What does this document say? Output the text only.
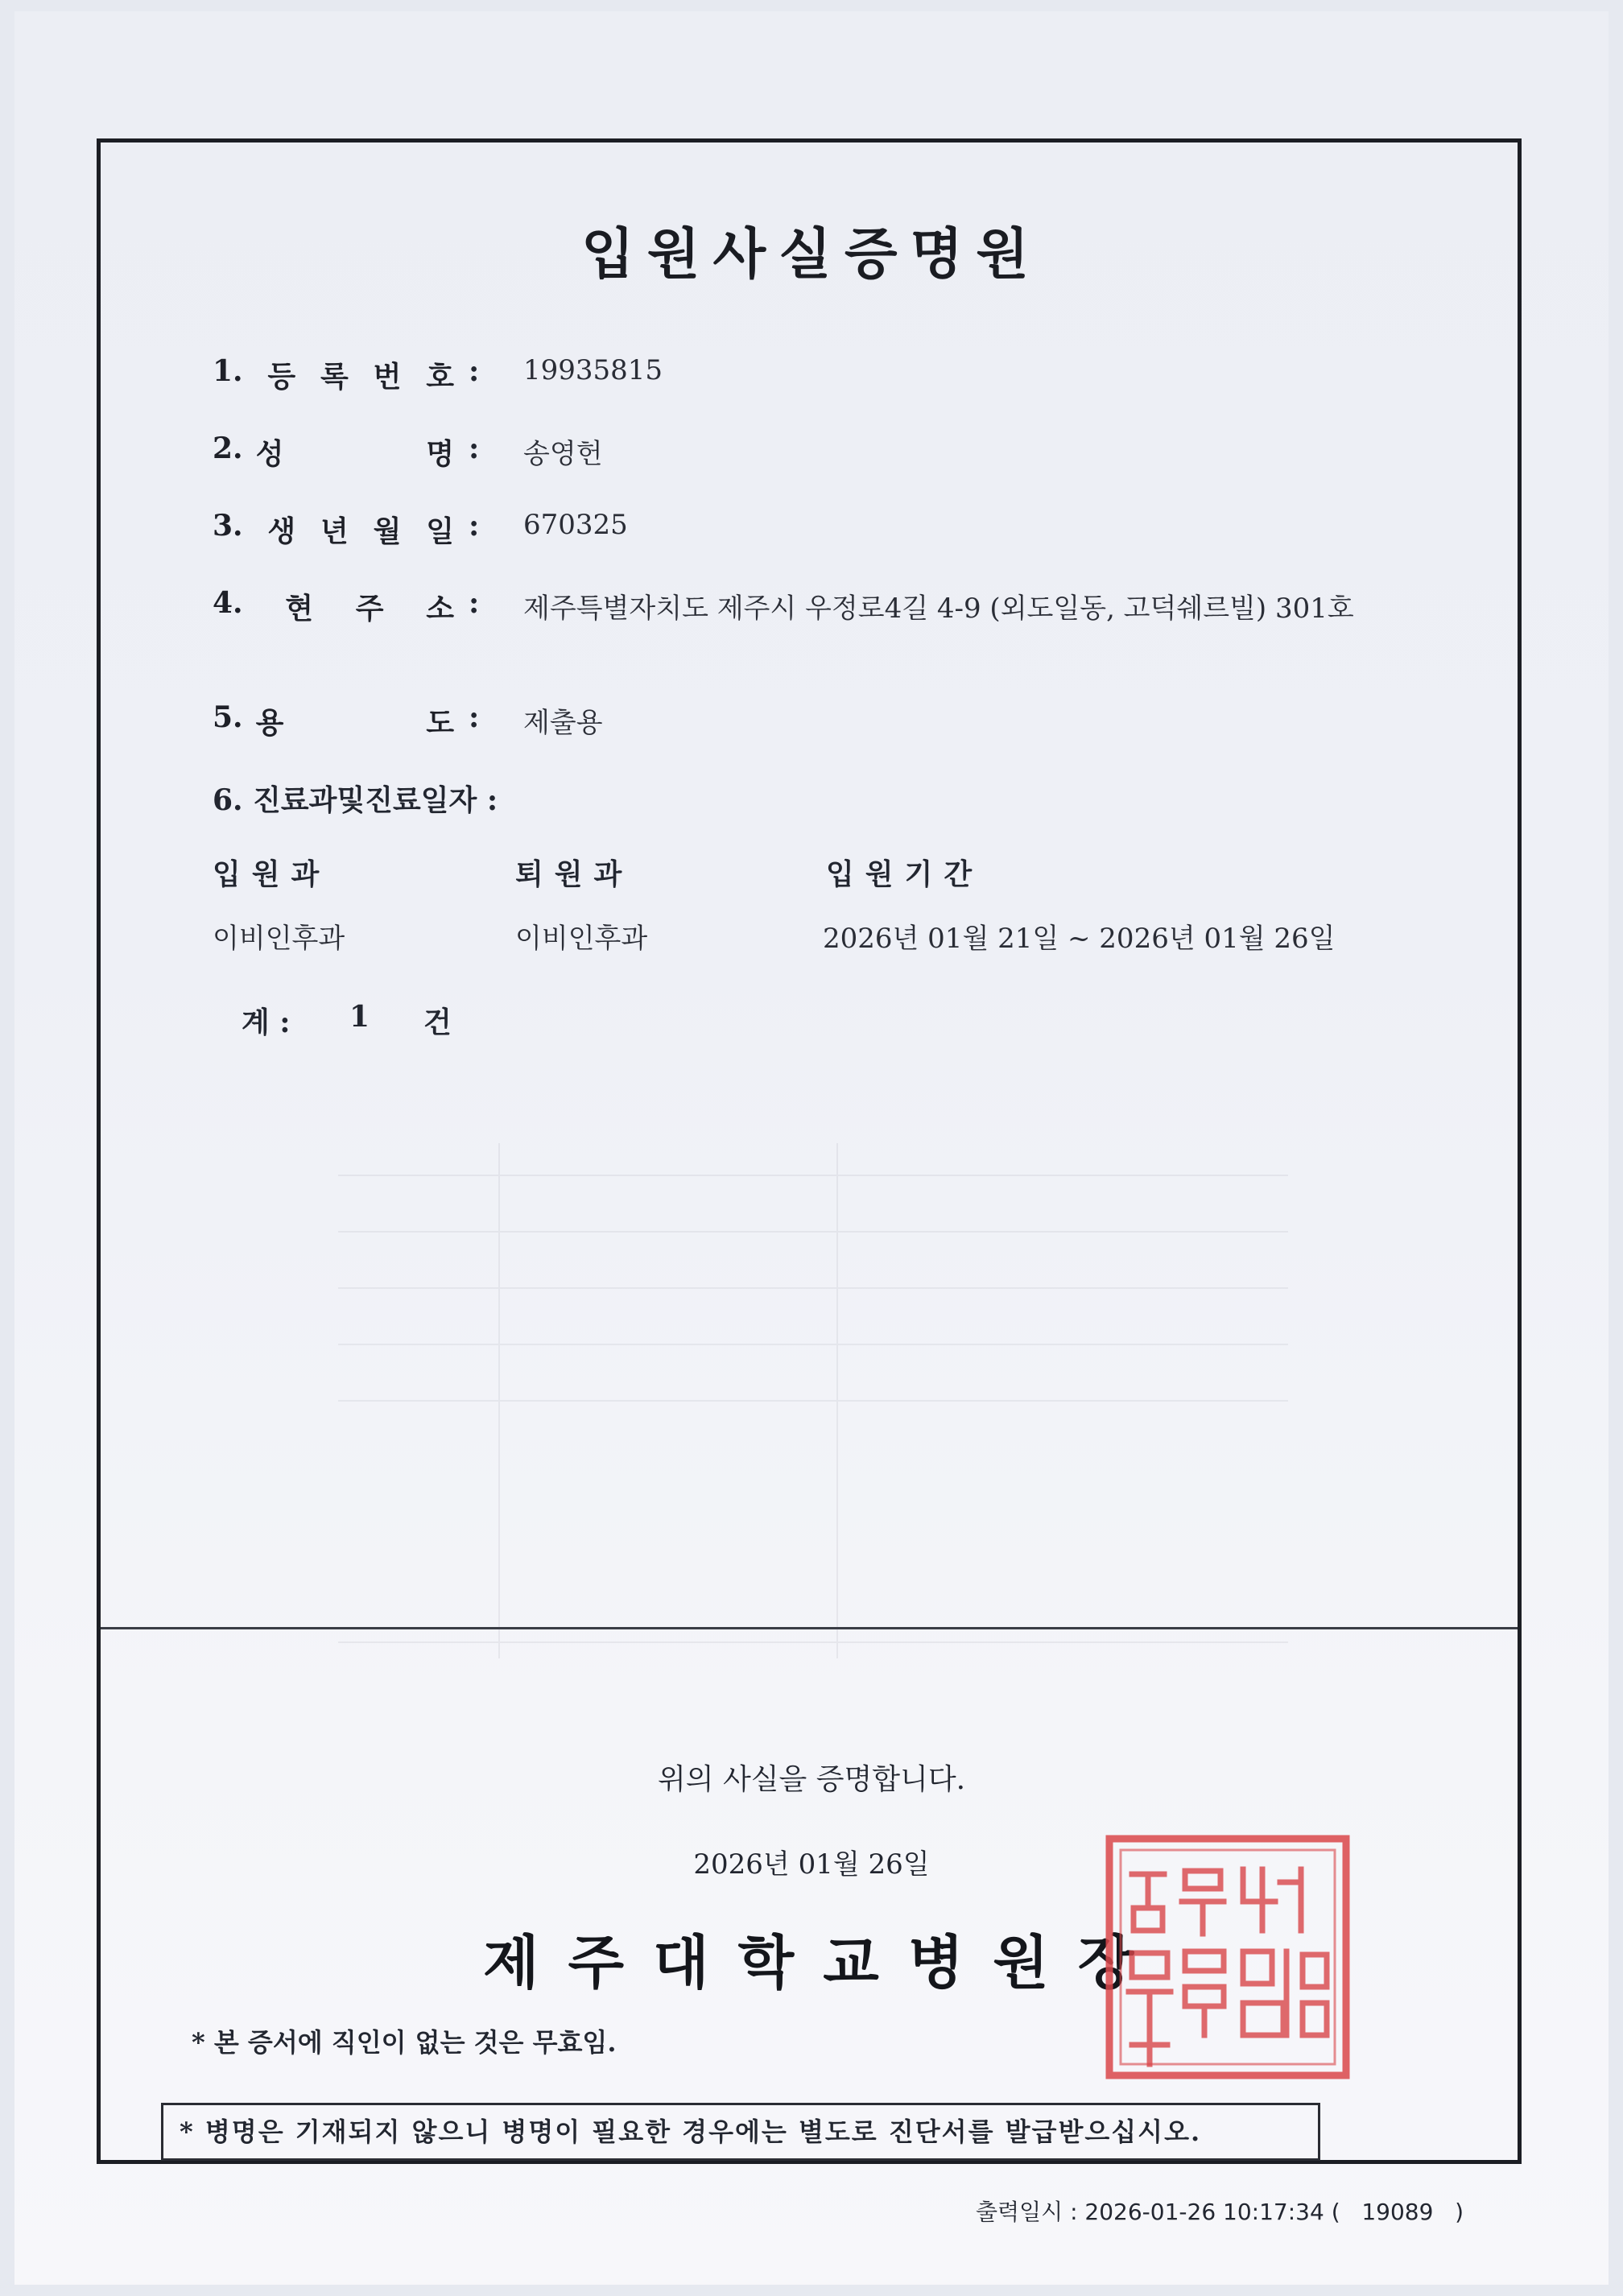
입원사실증명원
1. 등 록 번 호 : 19935815
2. 성	명 : 송영헌
3. 생 년 월 일 : 670325
4. 현 주 소 : 제주특별자치도 제주시 우정로4길 4-9 (외도일동, 고덕쉐르빌) 301호
5. 용	도 : 제출용
6. 진료과및진료일자 :
입원과	퇴원과	입원기간
이비인후과	이비인후과	2026년 01월 21일 ~ 2026년 01월 26일
계 : 1 건
위의 사실을 증명합니다.
2026년 01월 26일
제주대학교병원장
* 본 증서에 직인이 없는 것은 무효임.
* 병명은 기재되지 않으니 병명이 필요한 경우에는 별도로 진단서를 발급받으십시오.
출력일시 : 2026-01-26 10:17:34 (   19089   )
